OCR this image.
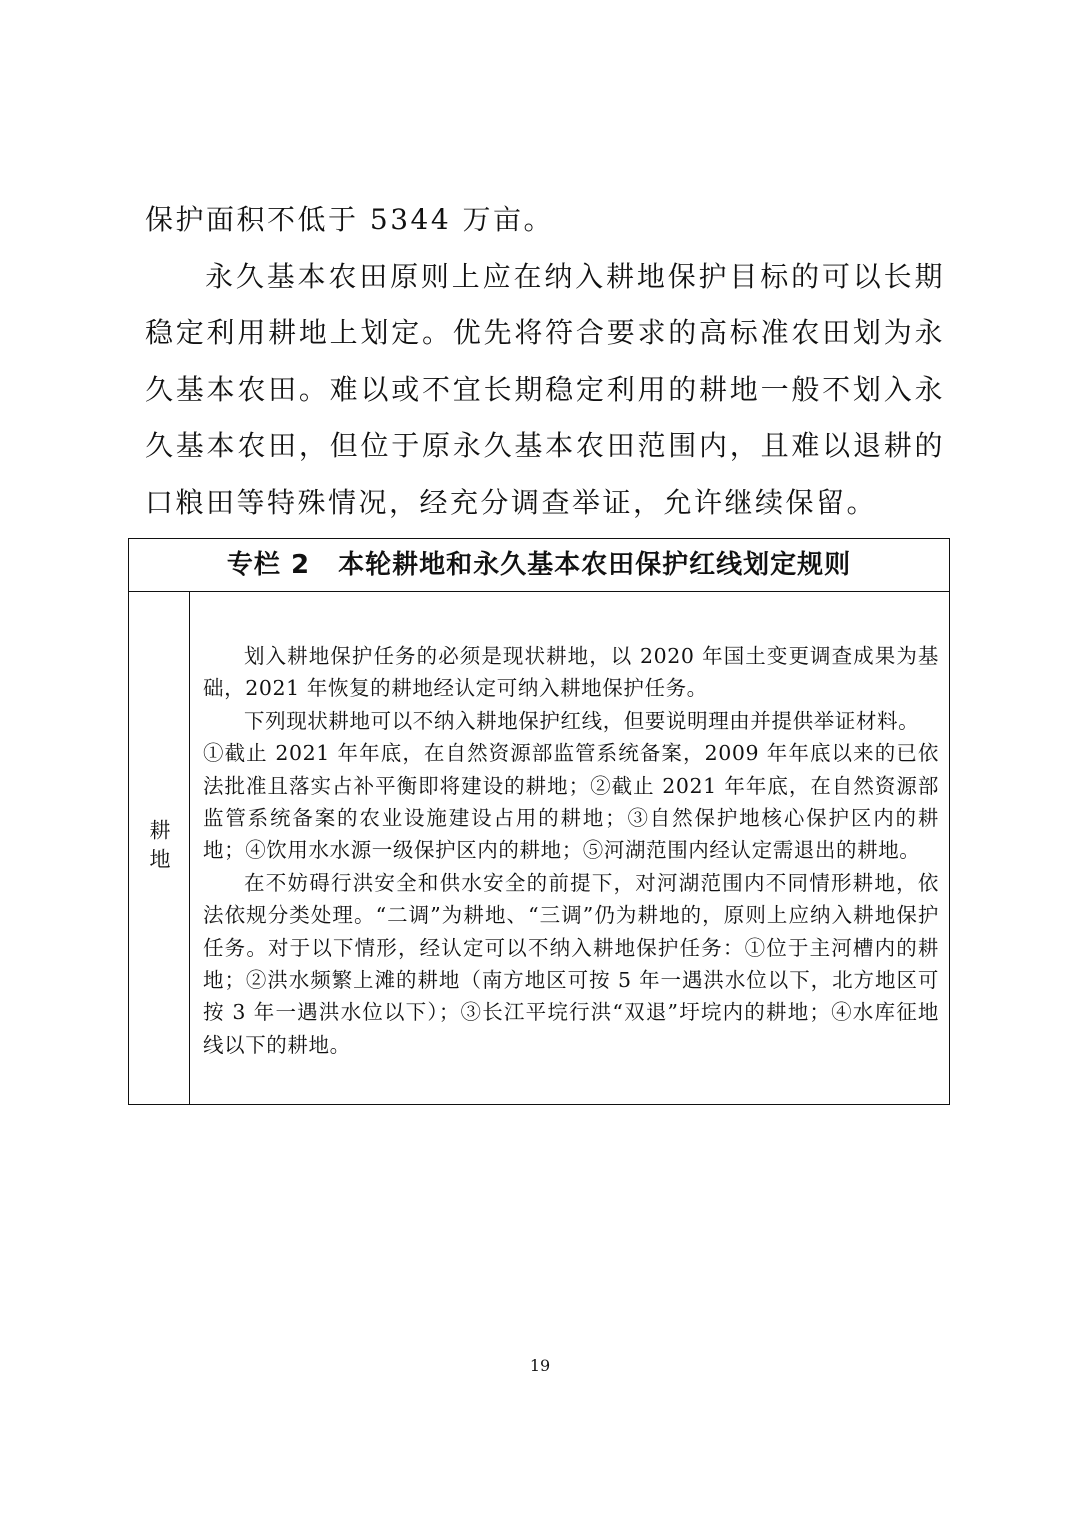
保护面积不低于 5344 万亩。

永久基本农田原则上应在纳入耕地保护目标的可以长期稳定利用耕地上划定。优先将符合要求的高标准农田划为永久基本农田。难以或不宜长期稳定利用的耕地一般不划入永久基本农田，但位于原永久基本农田范围内，且难以退耕的口粮田等特殊情况，经充分调查举证，允许继续保留。

专栏 2 本轮耕地和永久基本农田保护红线划定规则
耕地

划入耕地保护任务的必须是现状耕地，以 2020 年国土变更调查成果为基础，2021 年恢复的耕地经认定可纳入耕地保护任务。

下列现状耕地可以不纳入耕地保护红线，但要说明理由并提供举证材料。

①截止 2021 年年底，在自然资源部监管系统备案，2009 年年底以来的已依法批准且落实占补平衡即将建设的耕地；②截止 2021 年年底，在自然资源部监管系统备案的农业设施建设占用的耕地；③自然保护地核心保护区内的耕地；④饮用水水源一级保护区内的耕地；⑤河湖范围内经认定需退出的耕地。

在不妨碍行洪安全和供水安全的前提下，对河湖范围内不同情形耕地，依法依规分类处理。“二调”为耕地、“三调”仍为耕地的，原则上应纳入耕地保护任务。对于以下情形，经认定可以不纳入耕地保护任务：①位于主河槽内的耕地；②洪水频繁上滩的耕地（南方地区可按 5 年一遇洪水位以下，北方地区可按 3 年一遇洪水位以下）；③长江平垸行洪“双退”圩垸内的耕地；④水库征地线以下的耕地。

19
